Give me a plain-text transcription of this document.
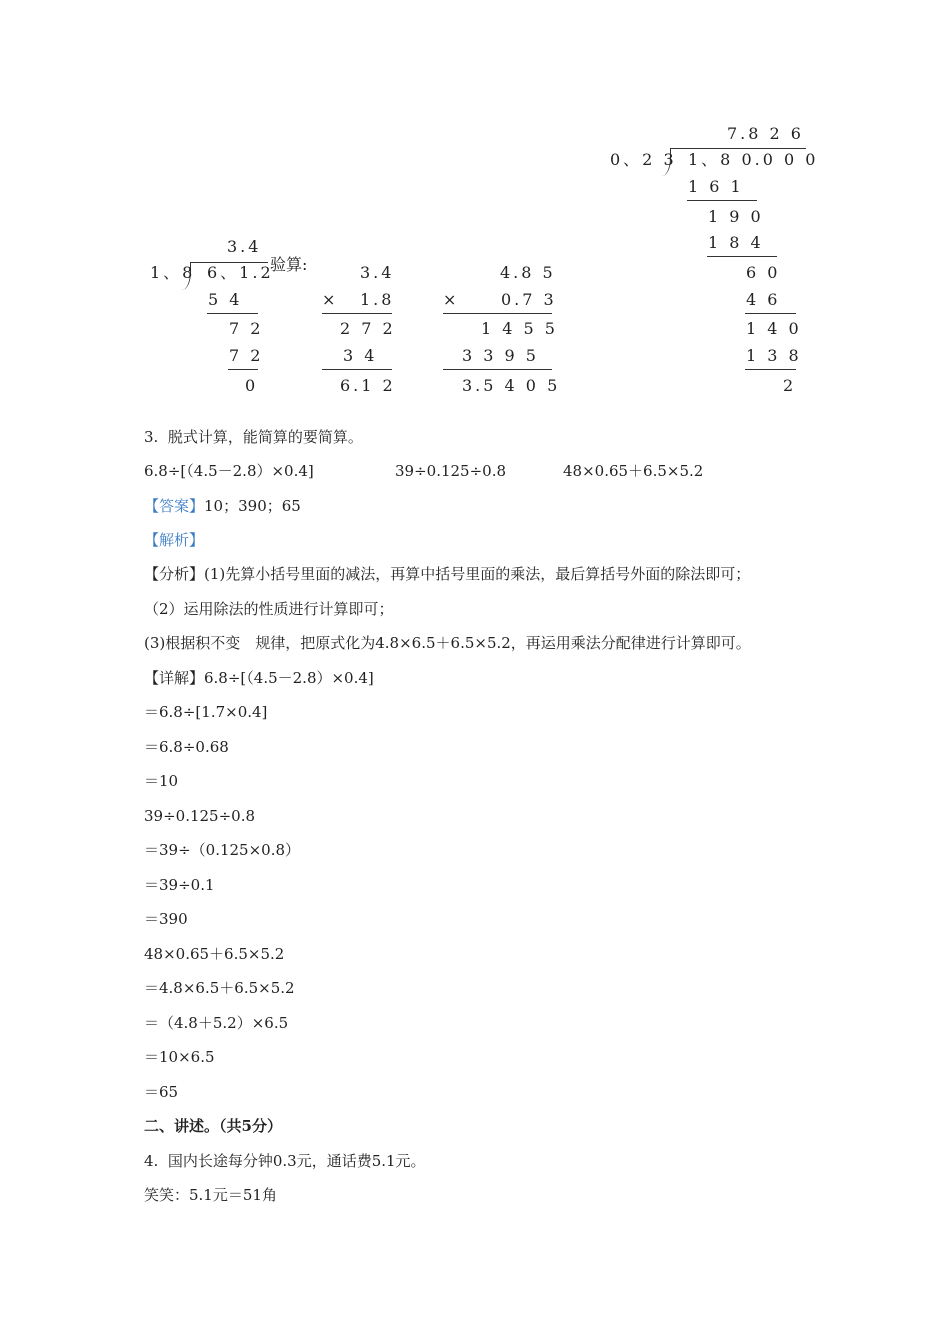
3.4
1、8 6、1.2
验算:
5 4
7 2
7 2
0
3.4
× 1.8
2 7 2
3 4
6.1 2
4.8 5
×	0.7 3
1 4 5 5
3 3 9 5
3.5 4 0 5
7.8 2 6
0、2 3 1、8 0.0 0 0
1 6 1
1 9 0
1 8 4
6 0
4 6
1 4 0
1 3 8
2
3.  脱式计算，能简算的要简算。
6.8÷[（4.5－2.8）×0.4]	39÷0.125÷0.8	48×0.65＋6.5×5.2
【答案】10；390；65
【解析】
【分析】(1)先算小括号里面的减法，再算中括号里面的乘法，最后算括号外面的除法即可；
（2）运用除法的性质进行计算即可；
(3)根据积不变　规律，把原式化为4.8×6.5＋6.5×5.2，再运用乘法分配律进行计算即可。
【详解】6.8÷[（4.5－2.8）×0.4]
＝6.8÷[1.7×0.4]
＝6.8÷0.68
＝10
39÷0.125÷0.8
＝39÷（0.125×0.8）
＝39÷0.1
＝390
48×0.65＋6.5×5.2
＝4.8×6.5＋6.5×5.2
＝（4.8＋5.2）×6.5
＝10×6.5
＝65
二、讲述。（共5分）
4.  国内长途每分钟0.3元，通话费5.1元。
笑笑：5.1元＝51角
